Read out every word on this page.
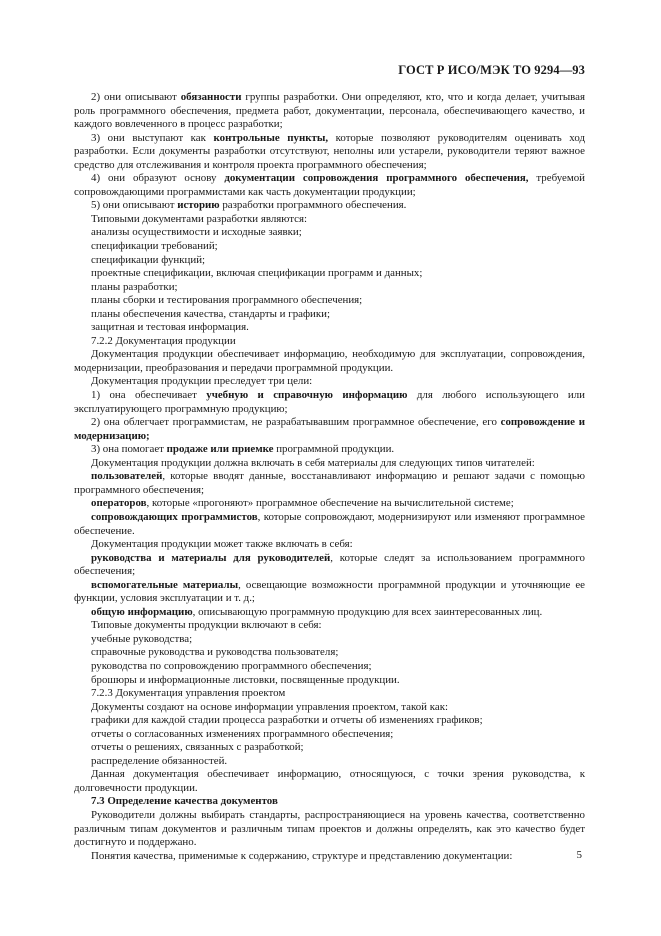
ГОСТ Р ИСО/МЭК ТО 9294—93

2) они описывают обязанности группы разработки. Они определяют, кто, что и когда делает, учитывая роль программного обеспечения, предмета работ, документации, персонала, обеспечивающего качество, и каждого вовлеченного в процесс разработки;

3) они выступают как контрольные пункты, которые позволяют руководителям оценивать ход разработки. Если документы разработки отсутствуют, неполны или устарели, руководители теряют важное средство для отслеживания и контроля проекта программного обеспечения;

4) они образуют основу документации сопровождения программного обеспечения, требуемой сопровождающими программистами как часть документации продукции;

5) они описывают историю разработки программного обеспечения.

Типовыми документами разработки являются:

анализы осуществимости и исходные заявки;

спецификации требований;

спецификации функций;

проектные спецификации, включая спецификации программ и данных;

планы разработки;

планы сборки и тестирования программного обеспечения;

планы обеспечения качества, стандарты и графики;

защитная и тестовая информация.

7.2.2 Документация продукции

Документация продукции обеспечивает информацию, необходимую для эксплуатации, сопровождения, модернизации, преобразования и передачи программной продукции.

Документация продукции преследует три цели:

1) она обеспечивает учебную и справочную информацию для любого использующего или эксплуатирующего программную продукцию;

2) она облегчает программистам, не разрабатывавшим программное обеспечение, его сопровождение и модернизацию;

3) она помогает продаже или приемке программной продукции.

Документация продукции должна включать в себя материалы для следующих типов читателей:

пользователей, которые вводят данные, восстанавливают информацию и решают задачи с помощью программного обеспечения;

операторов, которые «прогоняют» программное обеспечение на вычислительной системе;

сопровождающих программистов, которые сопровождают, модернизируют или изменяют программное обеспечение.

Документация продукции может также включать в себя:

руководства и материалы для руководителей, которые следят за использованием программного обеспечения;

вспомогательные материалы, освещающие возможности программной продукции и уточняющие ее функции, условия эксплуатации и т. д.;

общую информацию, описывающую программную продукцию для всех заинтересованных лиц.

Типовые документы продукции включают в себя:

учебные руководства;

справочные руководства и руководства пользователя;

руководства по сопровождению программного обеспечения;

брошюры и информационные листовки, посвященные продукции.

7.2.3 Документация управления проектом

Документы создают на основе информации управления проектом, такой как:

графики для каждой стадии процесса разработки и отчеты об изменениях графиков;

отчеты о согласованных изменениях программного обеспечения;

отчеты о решениях, связанных с разработкой;

распределение обязанностей.

Данная документация обеспечивает информацию, относящуюся, с точки зрения руководства, к долговечности продукции.

7.3 Определение качества документов

Руководители должны выбирать стандарты, распространяющиеся на уровень качества, соответственно различным типам документов и различным типам проектов и должны определять, как это качество будет достигнуто и поддержано.

Понятия качества, применимые к содержанию, структуре и представлению документации:	5
